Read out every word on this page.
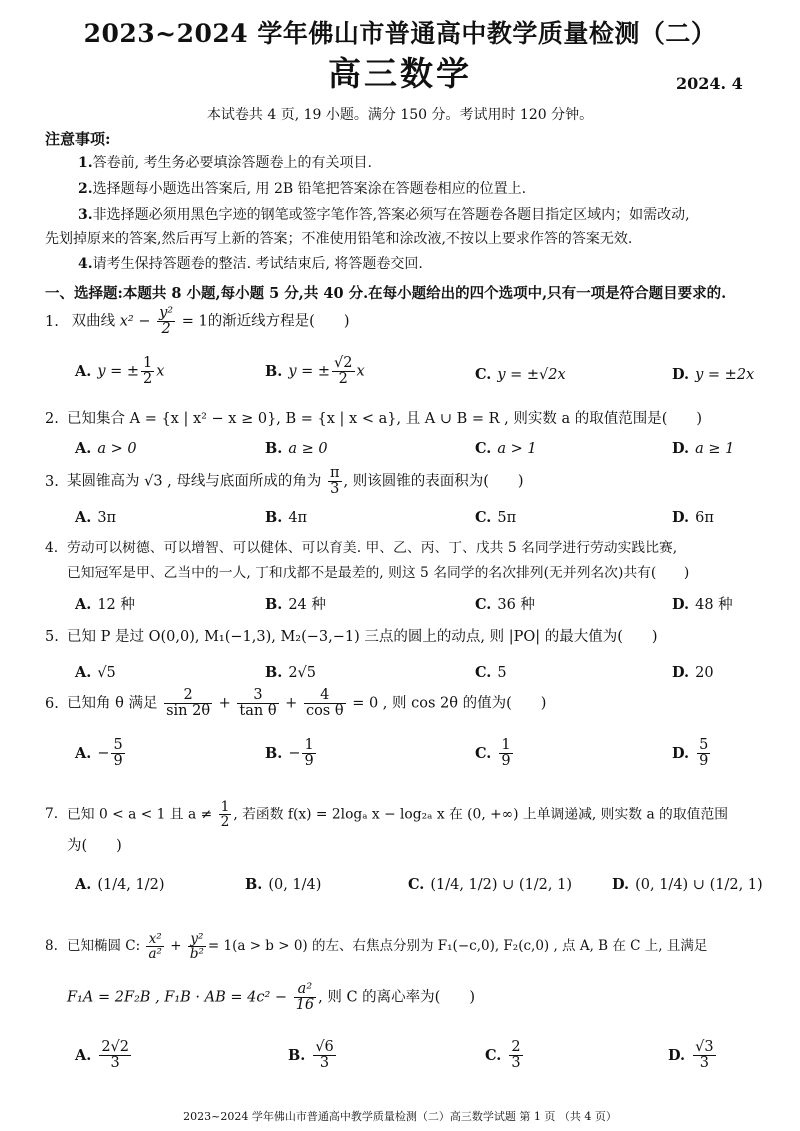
2023~2024 学年佛山市普通高中教学质量检测（二）
高三数学	2024. 4
本试卷共 4 页, 19 小题。满分 150 分。考试用时 120 分钟。
注意事项:
1.答卷前, 考生务必要填涂答题卷上的有关项目.
2.选择题每小题选出答案后, 用 2B 铅笔把答案涂在答题卷相应的位置上.
3.非选择题必须用黑色字迹的钢笔或签字笔作答,答案必须写在答题卷各题目指定区域内；如需改动,
先划掉原来的答案,然后再写上新的答案；不准使用铅笔和涂改液,不按以上要求作答的答案无效.
4.请考生保持答题卷的整洁. 考试结束后, 将答题卷交回.
一、选择题:本题共 8 小题,每小题 5 分,共 40 分.在每小题给出的四个选项中,只有一项是符合题目要求的.
1. 双曲线 $x^2 - \frac{\text{y²}}{2} = 1$的渐近线方程是(　　)
A. y = ± $\frac{1}{2}$ x	B. y = ± $\frac{√2}{2}$ x	C. y = ±√2x	D. y = ±2x
2. 已知集合 A = {x | x² − x ≥ 0}, B = {x | x < a}, 且 A ∪ B = R , 则实数 a 的取值范围是(　　)
A. a > 0	B. a ≥ 0	C. a > 1	D. a ≥ 1
3. 某圆锥高为 √3 , 母线与底面所成的角为 $\frac{\pi}{3}$ , 则该圆锥的表面积为(　　)
A. 3π	B. 4π	C. 5π	D. 6π
4. 劳动可以树德、可以增智、可以健体、可以育美. 甲、乙、丙、丁、戊共 5 名同学进行劳动实践比赛,
已知冠军是甲、乙当中的一人, 丁和戊都不是最差的, 则这 5 名同学的名次排列(无并列名次)共有(　　)
A. 12 种	B. 24 种	C. 36 种	D. 48 种
5. 已知 P 是过 O(0,0), M₁(−1,3), M₂(−3,−1) 三点的圆上的动点, 则 |PO| 的最大值为(　　)
A. √5	B. 2√5	C. 5	D. 20
6. 已知角 θ 满足 $\frac{2}{\sin 2\theta} + \frac{3}{\text{tan θ}} + \frac{4}{\text{cos θ}} = 0$ , 则 cos 2θ 的值为(　　)
A. − $\frac{5}{9}$	B. − $\frac{1}{9}$	C. $\frac{1}{9}$	D. $\frac{5}{9}$
7. 已知 0 < a < 1 且 $a \ne \frac{1}{2}$ , 若函数 f(x) = 2logₐ x − log₂ₐ x 在 (0, +∞) 上单调递减, 则实数 a 的取值范围
为(　　)
A. (1/4, 1/2)	B. (0, 1/4)	C. (1/4, 1/2) ∪ (1/2, 1)	D. (0, 1/4) ∪ (1/2, 1)
8. 已知椭圆 C: $\frac{\text{x²}}{\text{a²}} + \frac{\text{y²}}{\text{b²}} = 1(a > b > 0)$ 的左、右焦点分别为 F₁(−c,0), F₂(c,0) , 点 A, B 在 C 上, 且满足
F₁A = 2F₂B , F₁B · AB = $4c^2 - \frac{\text{a²}}{16}$ , 则 C 的离心率为(　　)
A. $\frac{2√2}{3}$	B. $\frac{√6}{3}$	C. $\frac{2}{3}$	D. $\frac{√3}{3}$
2023~2024 学年佛山市普通高中教学质量检测（二）高三数学试题 第 1 页 （共 4 页）
